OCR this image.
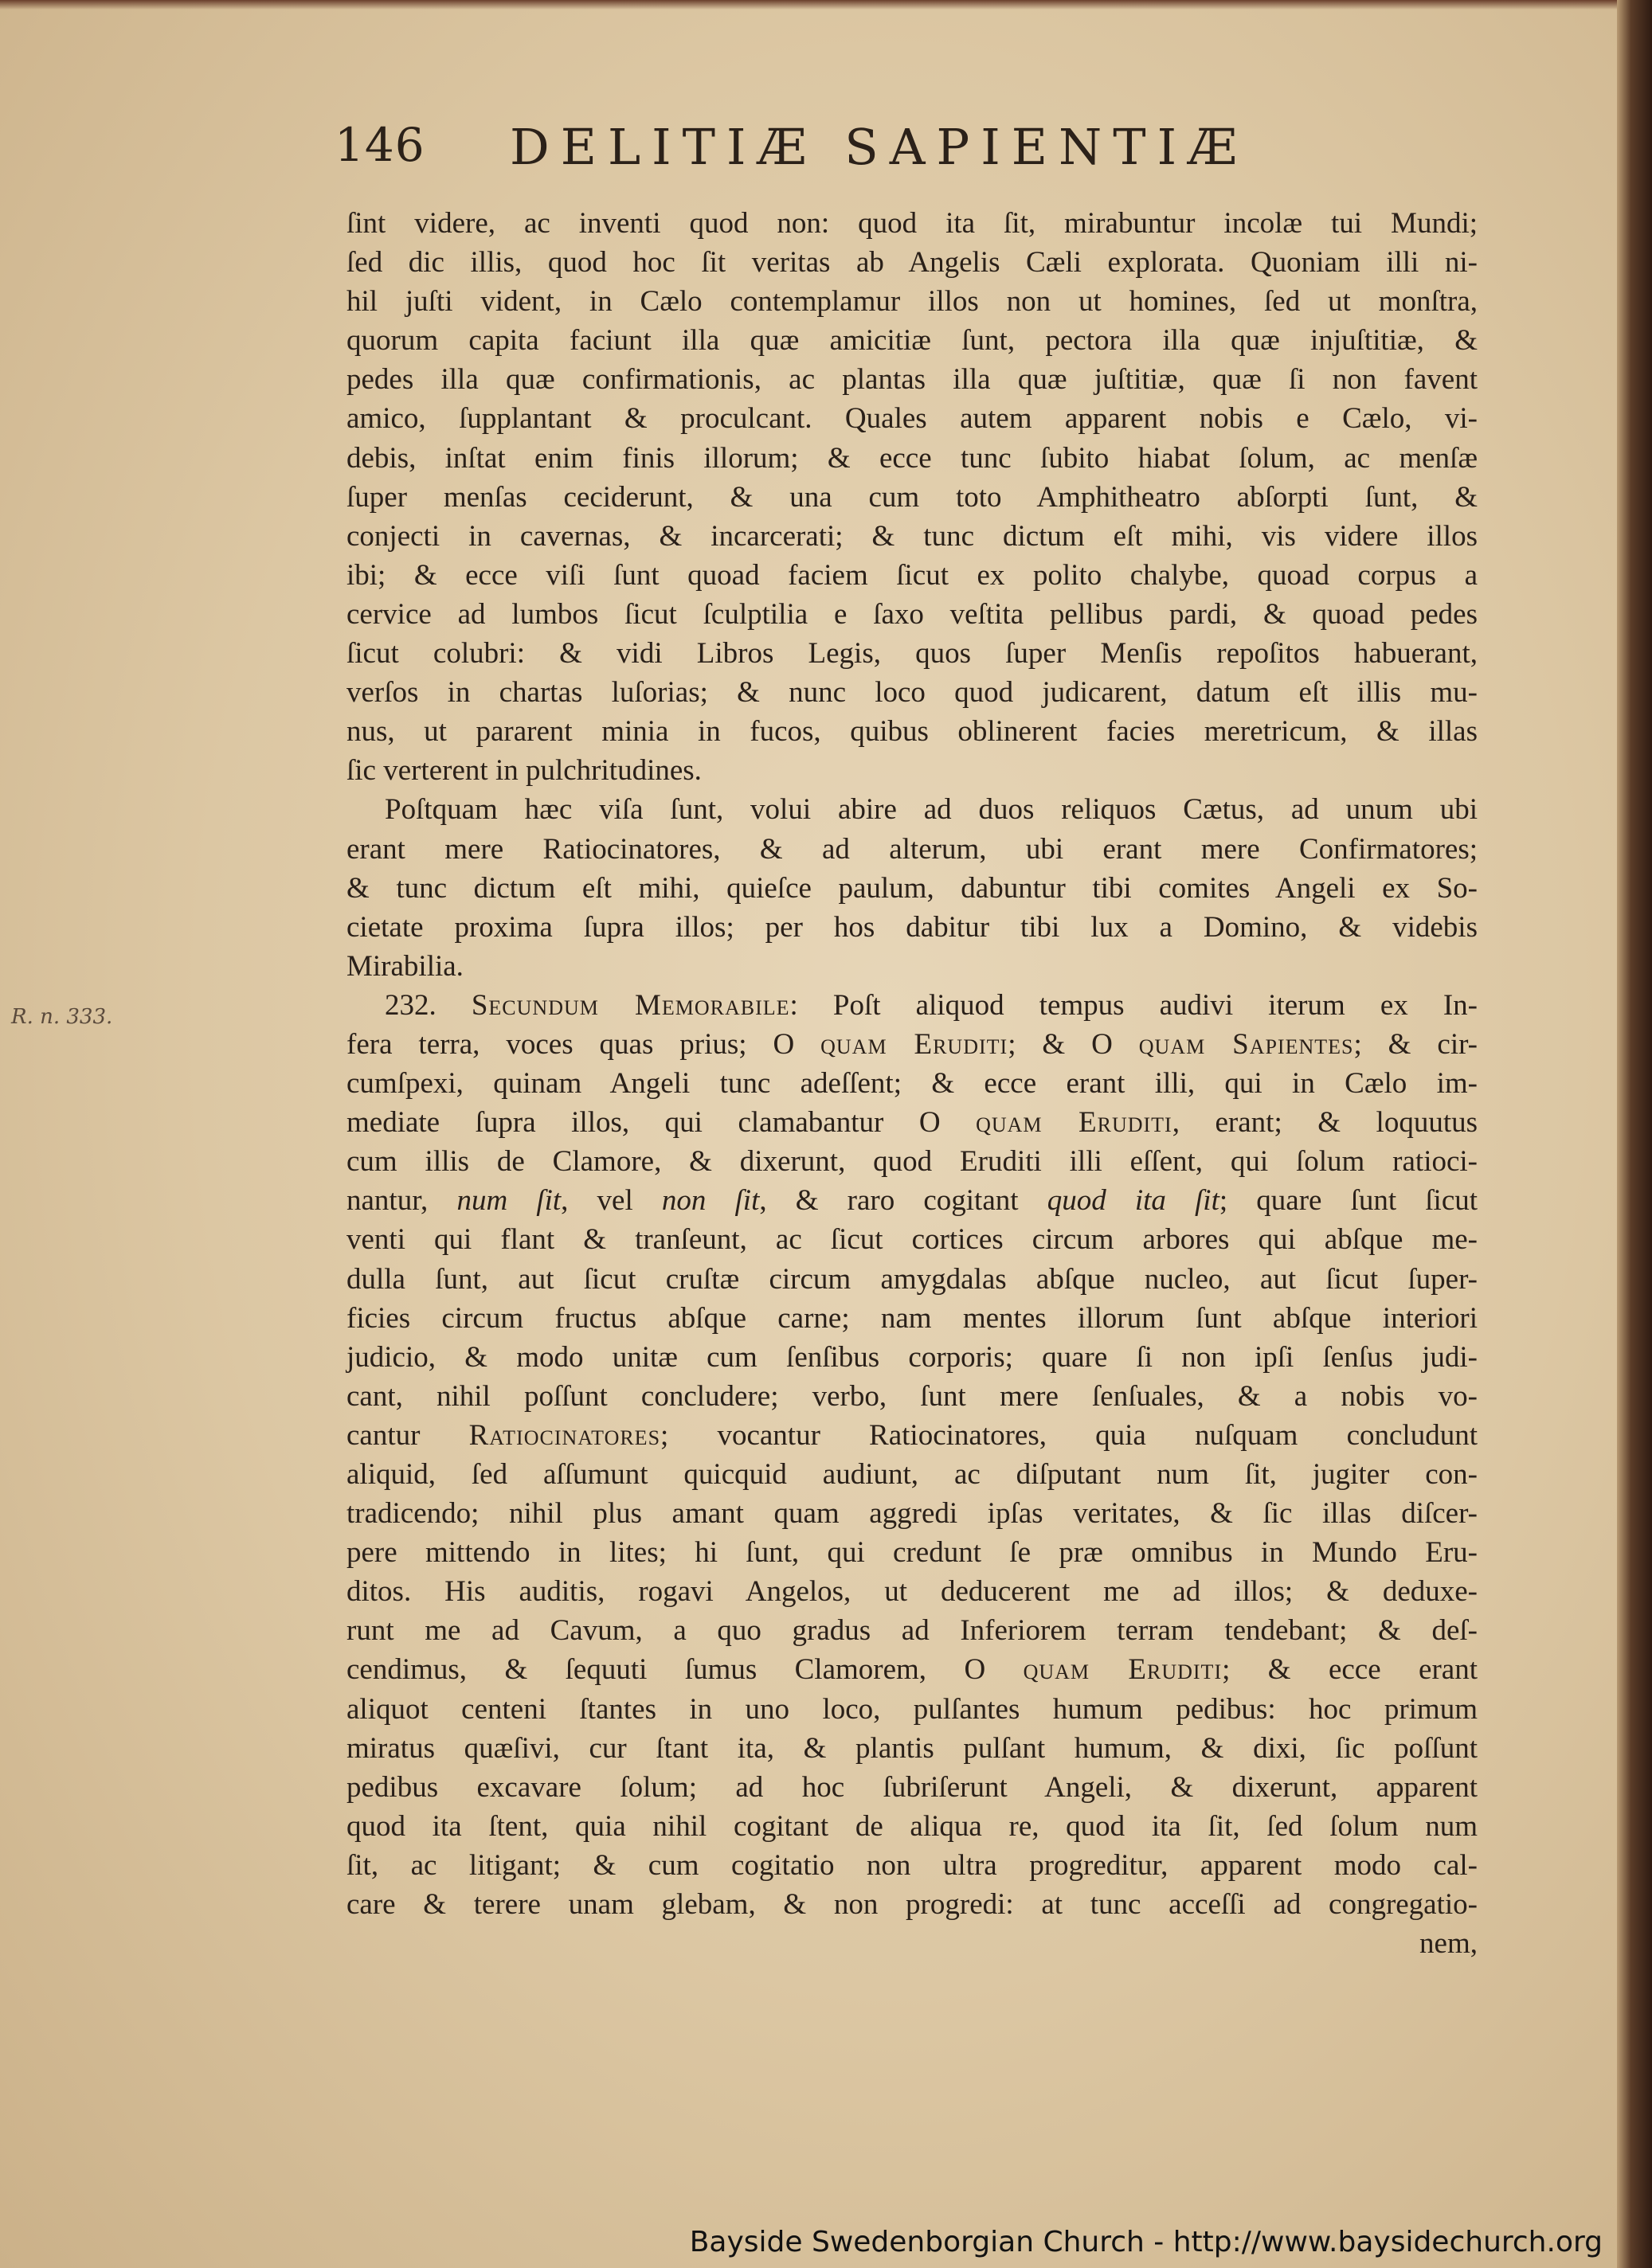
146 DELITIÆ SAPIENTIÆ
R. n. 333.
ſint videre, ac inventi quod non: quod ita ſit, mirabuntur incolæ tui Mundi;
ſed dic illis, quod hoc ſit veritas ab Angelis Cæli explorata. Quoniam illi ni-
hil juſti vident, in Cælo contemplamur illos non ut homines, ſed ut monſtra,
quorum capita faciunt illa quæ amicitiæ ſunt, pectora illa quæ injuſtitiæ, &
pedes illa quæ confirmationis, ac plantas illa quæ juſtitiæ, quæ ſi non favent
amico, ſupplantant & proculcant. Quales autem apparent nobis e Cælo, vi-
debis, inſtat enim finis illorum; & ecce tunc ſubito hiabat ſolum, ac menſæ
ſuper menſas ceciderunt, & una cum toto Amphitheatro abſorpti ſunt, &
conjecti in cavernas, & incarcerati; & tunc dictum eſt mihi, vis videre illos
ibi; & ecce viſi ſunt quoad faciem ſicut ex polito chalybe, quoad corpus a
cervice ad lumbos ſicut ſculptilia e ſaxo veſtita pellibus pardi, & quoad pedes
ſicut colubri: & vidi Libros Legis, quos ſuper Menſis repoſitos habuerant,
verſos in chartas luſorias; & nunc loco quod judicarent, datum eſt illis mu-
nus, ut pararent minia in fucos, quibus oblinerent facies meretricum, & illas
ſic verterent in pulchritudines.
Poſtquam hæc viſa ſunt, volui abire ad duos reliquos Cætus, ad unum ubi
erant mere Ratiocinatores, & ad alterum, ubi erant mere Confirmatores;
& tunc dictum eſt mihi, quieſce paulum, dabuntur tibi comites Angeli ex So-
cietate proxima ſupra illos; per hos dabitur tibi lux a Domino, & videbis
Mirabilia.
232. Secundum Memorabile: Poſt aliquod tempus audivi iterum ex In-
fera terra, voces quas prius; O quam Eruditi; & O quam Sapientes; & cir-
cumſpexi, quinam Angeli tunc adeſſent; & ecce erant illi, qui in Cælo im-
mediate ſupra illos, qui clamabantur O quam Eruditi, erant; & loquutus
cum illis de Clamore, & dixerunt, quod Eruditi illi eſſent, qui ſolum ratioci-
nantur, num ſit, vel non ſit, & raro cogitant quod ita ſit; quare ſunt ſicut
venti qui flant & tranſeunt, ac ſicut cortices circum arbores qui abſque me-
dulla ſunt, aut ſicut cruſtæ circum amygdalas abſque nucleo, aut ſicut ſuper-
ficies circum fructus abſque carne; nam mentes illorum ſunt abſque interiori
judicio, & modo unitæ cum ſenſibus corporis; quare ſi non ipſi ſenſus judi-
cant, nihil poſſunt concludere; verbo, ſunt mere ſenſuales, & a nobis vo-
cantur Ratiocinatores; vocantur Ratiocinatores, quia nuſquam concludunt
aliquid, ſed aſſumunt quicquid audiunt, ac diſputant num ſit, jugiter con-
tradicendo; nihil plus amant quam aggredi ipſas veritates, & ſic illas diſcer-
pere mittendo in lites; hi ſunt, qui credunt ſe præ omnibus in Mundo Eru-
ditos. His auditis, rogavi Angelos, ut deducerent me ad illos; & deduxe-
runt me ad Cavum, a quo gradus ad Inferiorem terram tendebant; & deſ-
cendimus, & ſequuti ſumus Clamorem, O quam Eruditi; & ecce erant
aliquot centeni ſtantes in uno loco, pulſantes humum pedibus: hoc primum
miratus quæſivi, cur ſtant ita, & plantis pulſant humum, & dixi, ſic poſſunt
pedibus excavare ſolum; ad hoc ſubriſerunt Angeli, & dixerunt, apparent
quod ita ſtent, quia nihil cogitant de aliqua re, quod ita ſit, ſed ſolum num
ſit, ac litigant; & cum cogitatio non ultra progreditur, apparent modo cal-
care & terere unam glebam, & non progredi: at tunc acceſſi ad congregatio-
nem,
Bayside Swedenborgian Church - http://www.baysidechurch.org
